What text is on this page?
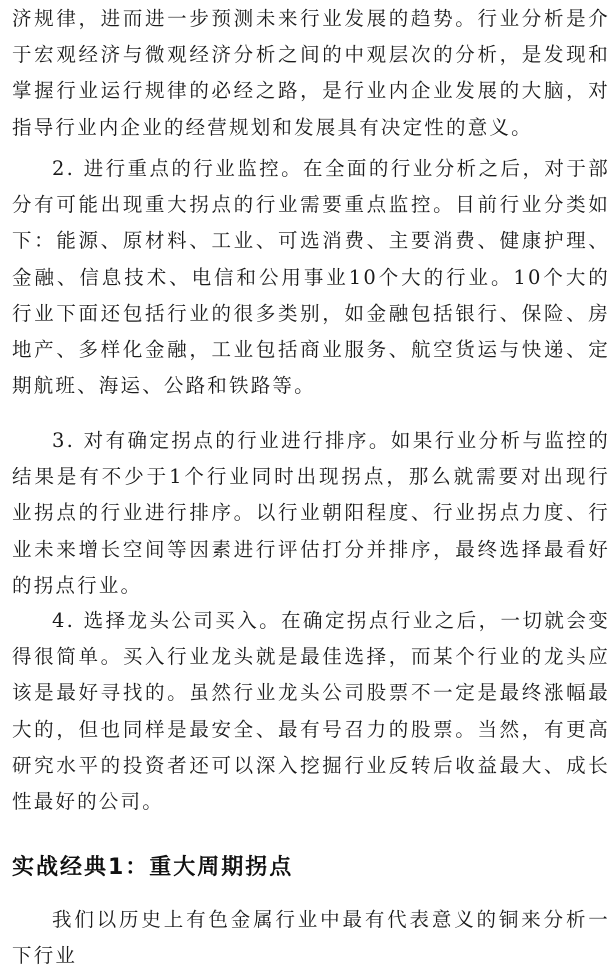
济规律，进而进一步预测未来行业发展的趋势。行业分析是介于宏观经济与微观经济分析之间的中观层次的分析，是发现和掌握行业运行规律的必经之路，是行业内企业发展的大脑，对指导行业内企业的经营规划和发展具有决定性的意义。

2. 进行重点的行业监控。在全面的行业分析之后，对于部分有可能出现重大拐点的行业需要重点监控。目前行业分类如下：能源、原材料、工业、可选消费、主要消费、健康护理、金融、信息技术、电信和公用事业10个大的行业。10个大的行业下面还包括行业的很多类别，如金融包括银行、保险、房地产、多样化金融，工业包括商业服务、航空货运与快递、定期航班、海运、公路和铁路等。

3. 对有确定拐点的行业进行排序。如果行业分析与监控的结果是有不少于1个行业同时出现拐点，那么就需要对出现行业拐点的行业进行排序。以行业朝阳程度、行业拐点力度、行业未来增长空间等因素进行评估打分并排序，最终选择最看好的拐点行业。

4. 选择龙头公司买入。在确定拐点行业之后，一切就会变得很简单。买入行业龙头就是最佳选择，而某个行业的龙头应该是最好寻找的。虽然行业龙头公司股票不一定是最终涨幅最大的，但也同样是最安全、最有号召力的股票。当然，有更高研究水平的投资者还可以深入挖掘行业反转后收益最大、成长性最好的公司。

实战经典1：重大周期拐点

我们以历史上有色金属行业中最有代表意义的铜来分析一下行业
